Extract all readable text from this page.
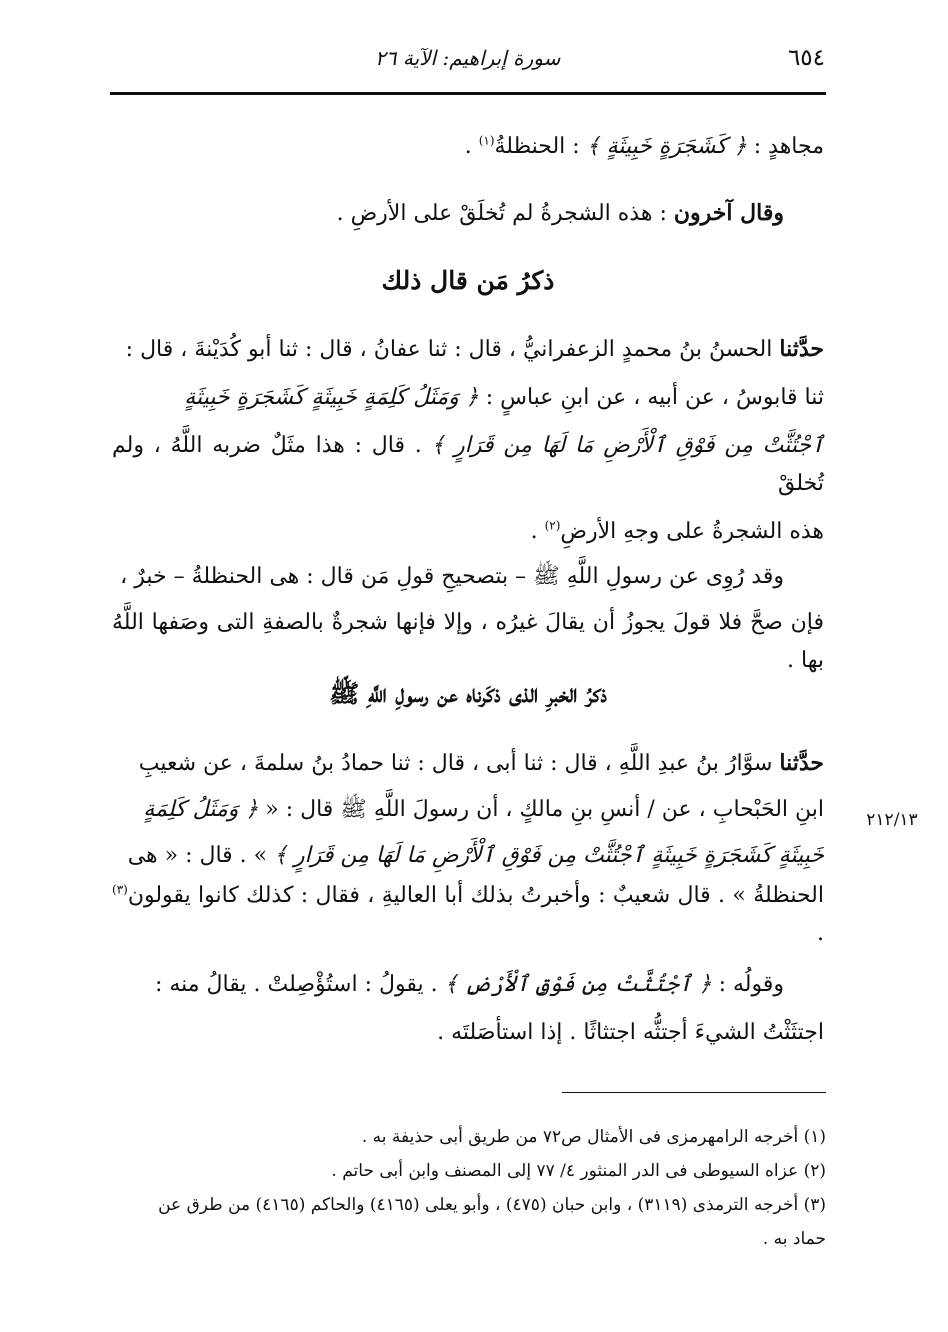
٦٥٤
سورة إبراهيم: الآية ٢٦
مجاهدٍ : ﴿ كَشَجَرَةٍ خَبِيثَةٍ ﴾ : الحنظلةُ$^{(١)}$ .
وقال آخرون : هذه الشجرةُ لم تُخلَقْ على الأرضِ .
ذكرُ مَن قال ذلك
حدَّثنا الحسنُ بنُ محمدٍ الزعفرانيُّ ، قال : ثنا عفانُ ، قال : ثنا أبو كُدَيْنةَ ، قال :
ثنا قابوسُ ، عن أبيه ، عن ابنِ عباسٍ : ﴿ وَمَثَلُ كَلِمَةٍ خَبِيثَةٍ كَشَجَرَةٍ خَبِيثَةٍ
ٱجْتُثَّتْ مِن فَوْقِ ٱلْأَرْضِ مَا لَهَا مِن قَرَارٍ ﴾ . قال : هذا مثَلٌ ضربه اللَّهُ ، ولم تُخلقْ
هذه الشجرةُ على وجهِ الأرضِ$^{(٢)}$ .
وقد رُوِى عن رسولِ اللَّهِ ﷺ – بتصحيحِ قولِ مَن قال : هى الحنظلةُ – خبرٌ ،
فإن صحَّ فلا قولَ يجوزُ أن يقالَ غيرُه ، وإلا فإنها شجرةٌ بالصفةِ التى وصَفها اللَّهُ بها .
ذكرُ الخبرِ الذى ذكَرناه عن رسولِ اللَّهِ ﷺ
حدَّثنا سوَّارُ بنُ عبدِ اللَّهِ ، قال : ثنا أبى ، قال : ثنا حمادُ بنُ سلمةَ ، عن شعيبِ
ابنِ الحَبْحابِ ، عن / أنسِ بنِ مالكٍ ، أن رسولَ اللَّهِ ﷺ قال : « ﴿ وَمَثَلُ كَلِمَةٍ
خَبِيثَةٍ كَشَجَرَةٍ خَبِيثَةٍ ٱجْتُثَّتْ مِن فَوْقِ ٱلْأَرْضِ مَا لَهَا مِن قَرَارٍ ﴾ » . قال : « هى
الحنظلةُ » . قال شعيبٌ : وأخبرتُ بذلك أبا العاليةِ ، فقال : كذلك كانوا يقولون$^{(٣)}$ .
٢١٢/١٣
وقولُه : ﴿ ٱجْتُثَّتْ مِن فَوْقِ ٱلْأَرْضِ ﴾ . يقولُ : استُؤْصِلتْ . يقالُ منه :
اجتثَثْتُ الشيءَ أجتثُّه اجتثاثًا . إذا استأصَلتَه .
(١) أخرجه الرامهرمزى فى الأمثال ص٧٢ من طريق أبى حذيفة به .
(٢) عزاه السيوطى فى الدر المنثور ٤/ ٧٧ إلى المصنف وابن أبى حاتم .
(٣) أخرجه الترمذى (٣١١٩) ، وابن حبان (٤٧٥) ، وأبو يعلى (٤١٦٥) والحاكم (٤١٦٥) من طرق عن
حماد به .
